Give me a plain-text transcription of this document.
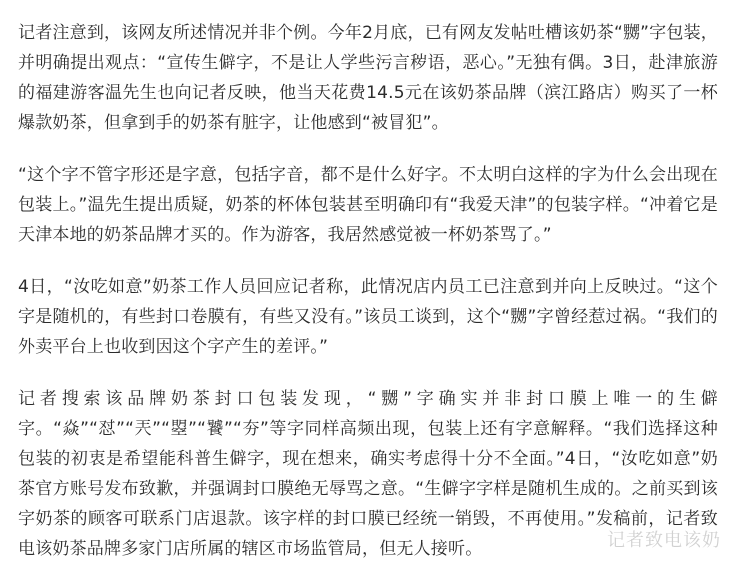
记者注意到，该网友所述情况并非个例。今年2月底，已有网友发帖吐槽该奶茶“嬲”字包装，并明确提出观点：“宣传生僻字，不是让人学些污言秽语，恶心。”无独有偶。3日，赴津旅游的福建游客温先生也向记者反映，他当天花费14.5元在该奶茶品牌（滨江路店）购买了一杯爆款奶茶，但拿到手的奶茶有脏字，让他感到“被冒犯”。

“这个字不管字形还是字意，包括字音，都不是什么好字。不太明白这样的字为什么会出现在包装上。”温先生提出质疑，奶茶的杯体包装甚至明确印有“我爱天津”的包装字样。“冲着它是天津本地的奶茶品牌才买的。作为游客，我居然感觉被一杯奶茶骂了。”

4日，“汝吃如意”奶茶工作人员回应记者称，此情况店内员工已注意到并向上反映过。“这个字是随机的，有些封口卷膜有，有些又没有。”该员工谈到，这个“嬲”字曾经惹过祸。“我们的外卖平台上也收到因这个字产生的差评。”

记者搜索该品牌奶茶封口包装发现，“嬲”字确实并非封口膜上唯一的生僻字。“焱”“怼”“兲”“曌”“饕”“夯”等字同样高频出现，包装上还有字意解释。“我们选择这种包装的初衷是希望能科普生僻字，现在想来，确实考虑得十分不全面。”4日，“汝吃如意”奶茶官方账号发布致歉，并强调封口膜绝无辱骂之意。“生僻字字样是随机生成的。之前买到该字奶茶的顾客可联系门店退款。该字样的封口膜已经统一销毁，不再使用。”发稿前，记者致电该奶茶品牌多家门店所属的辖区市场监管局，但无人接听。	记者致电该奶
